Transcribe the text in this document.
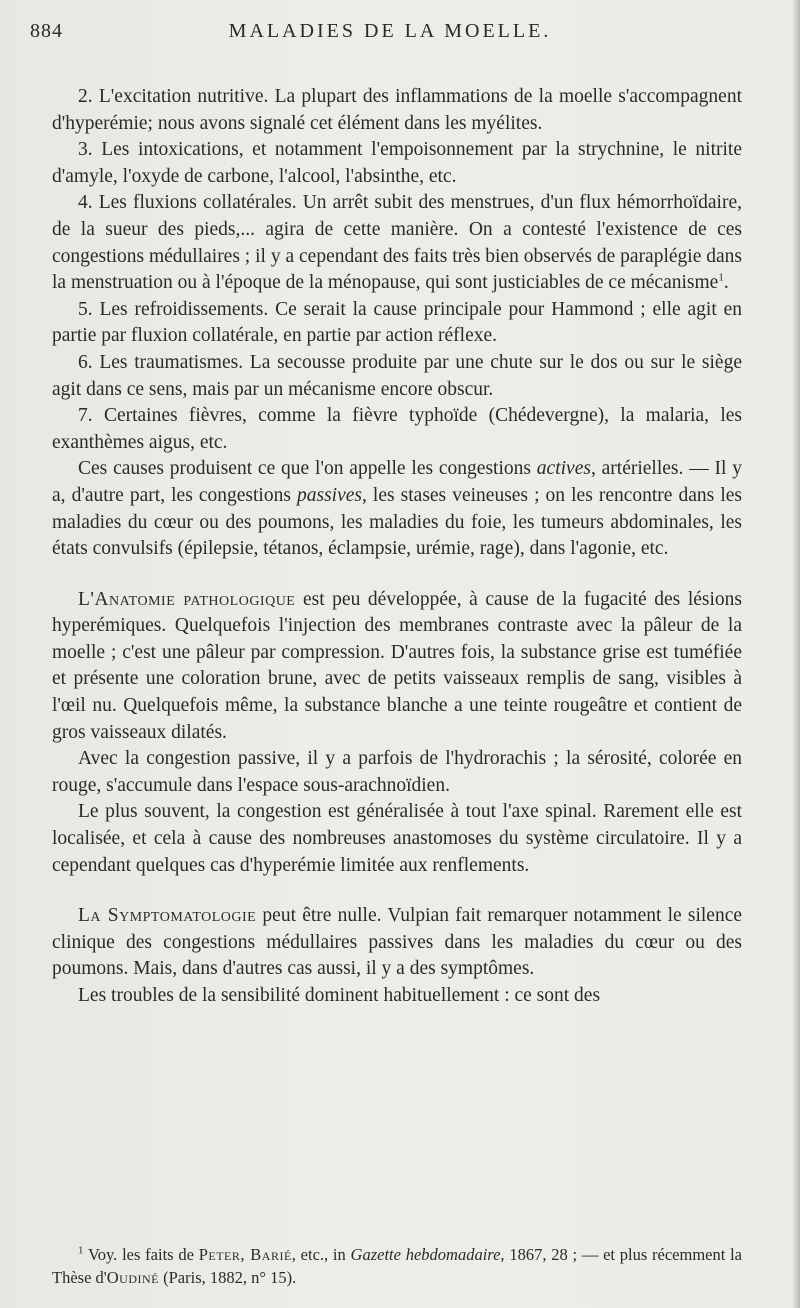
884	MALADIES DE LA MOELLE.

2. L'excitation nutritive. La plupart des inflammations de la moelle s'accompagnent d'hyperémie; nous avons signalé cet élément dans les myélites.

3. Les intoxications, et notamment l'empoisonnement par la strychnine, le nitrite d'amyle, l'oxyde de carbone, l'alcool, l'absinthe, etc.

4. Les fluxions collatérales. Un arrêt subit des menstrues, d'un flux hémorrhoïdaire, de la sueur des pieds,... agira de cette manière. On a contesté l'existence de ces congestions médullaires ; il y a cependant des faits très bien observés de paraplégie dans la menstruation ou à l'époque de la ménopause, qui sont justiciables de ce mécanisme$^1$.

5. Les refroidissements. Ce serait la cause principale pour Hammond ; elle agit en partie par fluxion collatérale, en partie par action réflexe.

6. Les traumatismes. La secousse produite par une chute sur le dos ou sur le siège agit dans ce sens, mais par un mécanisme encore obscur.

7. Certaines fièvres, comme la fièvre typhoïde (Chédevergne), la malaria, les exanthèmes aigus, etc.

Ces causes produisent ce que l'on appelle les congestions actives, artérielles. — Il y a, d'autre part, les congestions passives, les stases veineuses ; on les rencontre dans les maladies du cœur ou des poumons, les maladies du foie, les tumeurs abdominales, les états convulsifs (épilepsie, tétanos, éclampsie, urémie, rage), dans l'agonie, etc.

L'Anatomie pathologique est peu développée, à cause de la fugacité des lésions hyperémiques. Quelquefois l'injection des membranes contraste avec la pâleur de la moelle ; c'est une pâleur par compression. D'autres fois, la substance grise est tuméfiée et présente une coloration brune, avec de petits vaisseaux remplis de sang, visibles à l'œil nu. Quelquefois même, la substance blanche a une teinte rougeâtre et contient de gros vaisseaux dilatés.

Avec la congestion passive, il y a parfois de l'hydrorachis ; la sérosité, colorée en rouge, s'accumule dans l'espace sous-arachnoïdien.

Le plus souvent, la congestion est généralisée à tout l'axe spinal. Rarement elle est localisée, et cela à cause des nombreuses anastomoses du système circulatoire. Il y a cependant quelques cas d'hyperémie limitée aux renflements.

La Symptomatologie peut être nulle. Vulpian fait remarquer notamment le silence clinique des congestions médullaires passives dans les maladies du cœur ou des poumons. Mais, dans d'autres cas aussi, il y a des symptômes.

Les troubles de la sensibilité dominent habituellement : ce sont des

$^1$ Voy. les faits de Peter, Barié, etc., in Gazette hebdomadaire, 1867, 28 ; — et plus récemment la Thèse d'Oudiné (Paris, 1882, n° 15).
